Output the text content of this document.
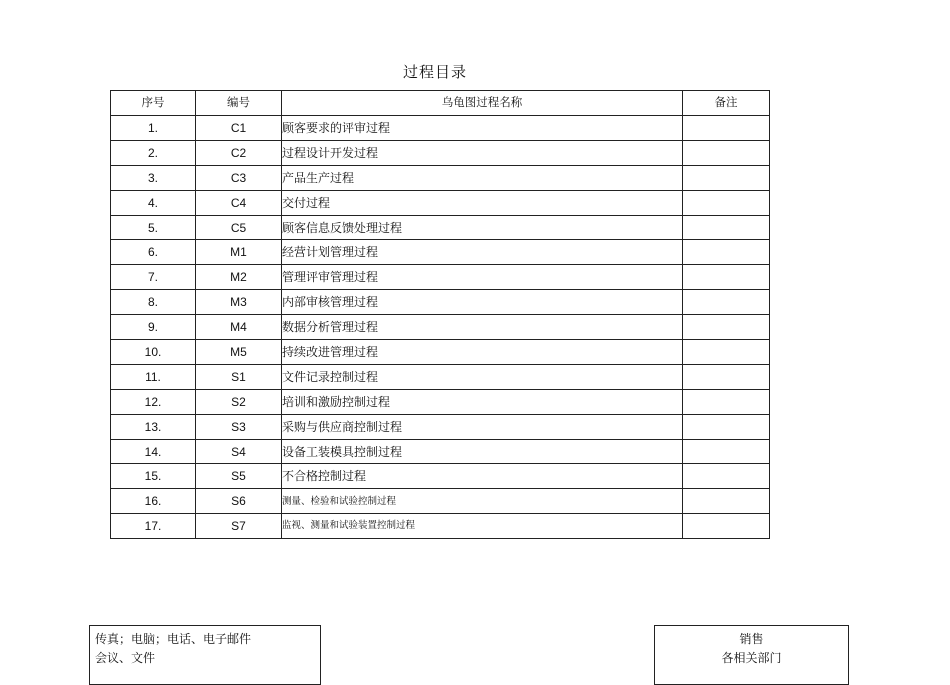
过程目录
序号	编号	乌龟图过程名称	备注
1.	C1	顾客要求的评审过程	
2.	C2	过程设计开发过程	
3.	C3	产品生产过程	
4.	C4	交付过程	
5.	C5	顾客信息反馈处理过程	
6.	M1	经营计划管理过程	
7.	M2	管理评审管理过程	
8.	M3	内部审核管理过程	
9.	M4	数据分析管理过程	
10.	M5	持续改进管理过程	
11.	S1	文件记录控制过程	
12.	S2	培训和激励控制过程	
13.	S3	采购与供应商控制过程	
14.	S4	设备工装模具控制过程	
15.	S5	不合格控制过程	
16.	S6	测量、检验和试验控制过程	
17.	S7	监视、测量和试验装置控制过程	
传真；电脑；电话、电子邮件
会议、文件
销售
各相关部门
